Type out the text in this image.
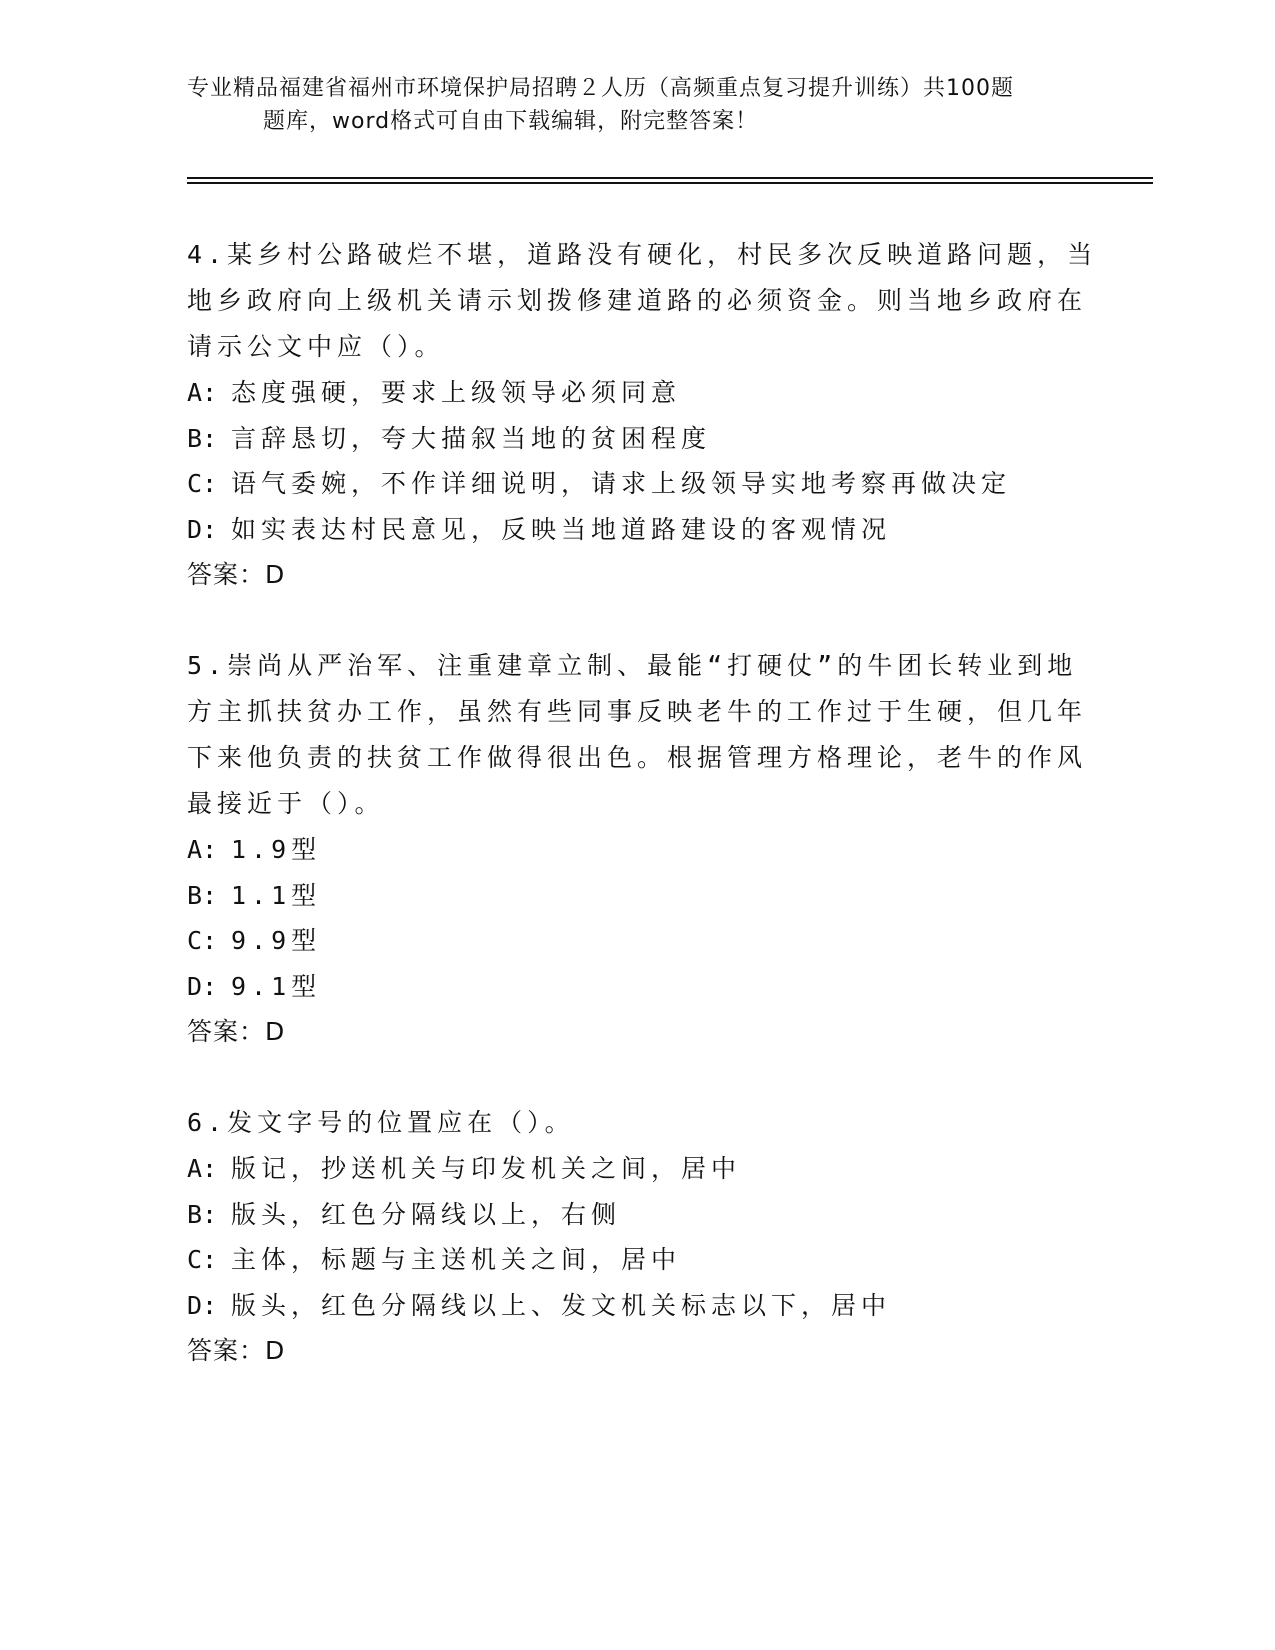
专业精品福建省福州市环境保护局招聘２人历（高频重点复习提升训练）共100题
题库，word格式可自由下载编辑，附完整答案！
4.某乡村公路破烂不堪，道路没有硬化，村民多次反映道路问题，当
地乡政府向上级机关请示划拨修建道路的必须资金。则当地乡政府在
请示公文中应（）。
A: 态度强硬，要求上级领导必须同意
B: 言辞恳切，夸大描叙当地的贫困程度
C: 语气委婉，不作详细说明，请求上级领导实地考察再做决定
D: 如实表达村民意见，反映当地道路建设的客观情况
答案：D
5.崇尚从严治军、注重建章立制、最能“打硬仗”的牛团长转业到地
方主抓扶贫办工作，虽然有些同事反映老牛的工作过于生硬，但几年
下来他负责的扶贫工作做得很出色。根据管理方格理论，老牛的作风
最接近于（）。
A: 1.9型
B: 1.1型
C: 9.9型
D: 9.1型
答案：D
6.发文字号的位置应在（）。
A: 版记，抄送机关与印发机关之间，居中
B: 版头，红色分隔线以上，右侧
C: 主体，标题与主送机关之间，居中
D: 版头，红色分隔线以上、发文机关标志以下，居中
答案：D
